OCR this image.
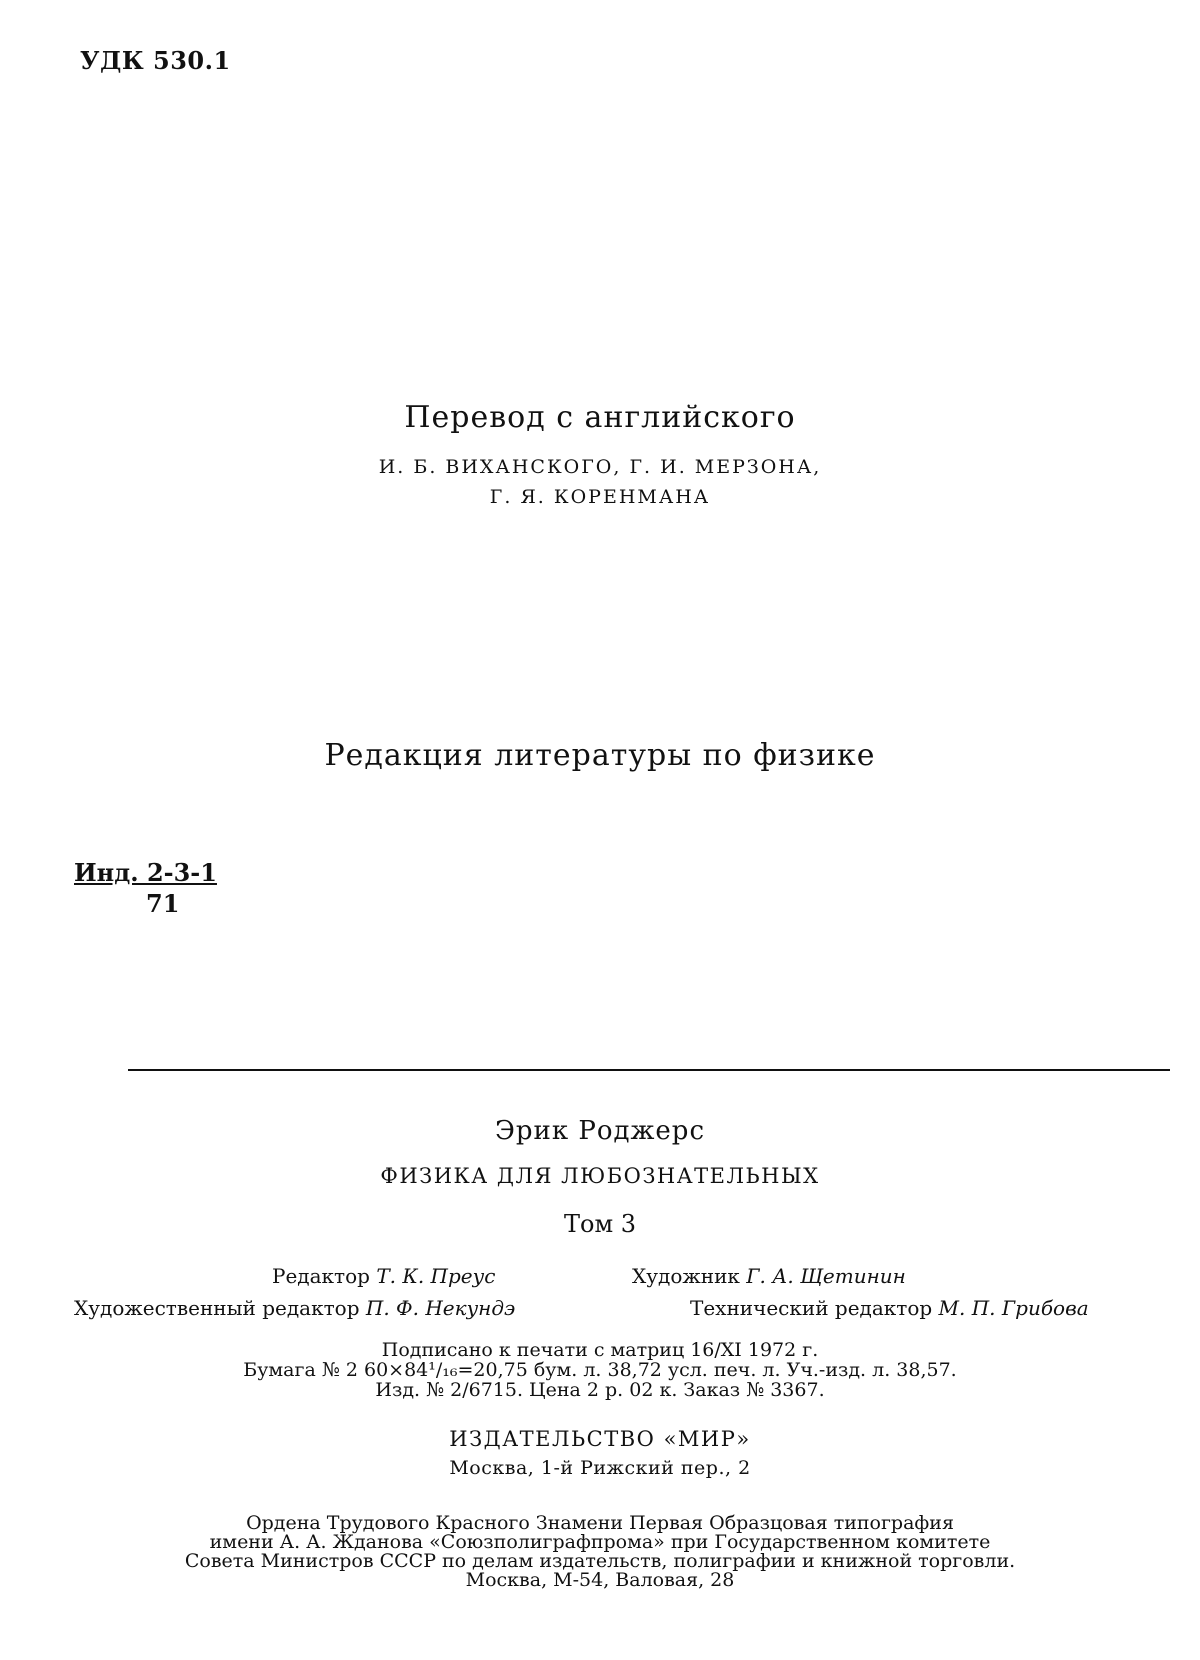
УДК 530.1
Перевод с английского
И. Б. ВИХАНСКОГО, Г. И. МЕРЗОНА,
Г. Я. КОРЕНМАНА
Редакция литературы по физике
Инд. 2-3-1
71
Эрик Роджерс
ФИЗИКА ДЛЯ ЛЮБОЗНАТЕЛЬНЫХ
Том 3
Редактор Т. К. Преус	Художник Г. А. Щетинин
Художественный редактор П. Ф. Некундэ	Технический редактор М. П. Грибова
Подписано к печати с матриц 16/XI 1972 г.
Бумага № 2 60×84¹/₁₆=20,75 бум. л. 38,72 усл. печ. л. Уч.-изд. л. 38,57.
Изд. № 2/6715. Цена 2 р. 02 к. Заказ № 3367.
ИЗДАТЕЛЬСТВО «МИР»
Москва, 1-й Рижский пер., 2
Ордена Трудового Красного Знамени Первая Образцовая типография
имени А. А. Жданова «Союзполиграфпрома» при Государственном комитете
Совета Министров СССР по делам издательств, полиграфии и книжной торговли.
Москва, М-54, Валовая, 28
